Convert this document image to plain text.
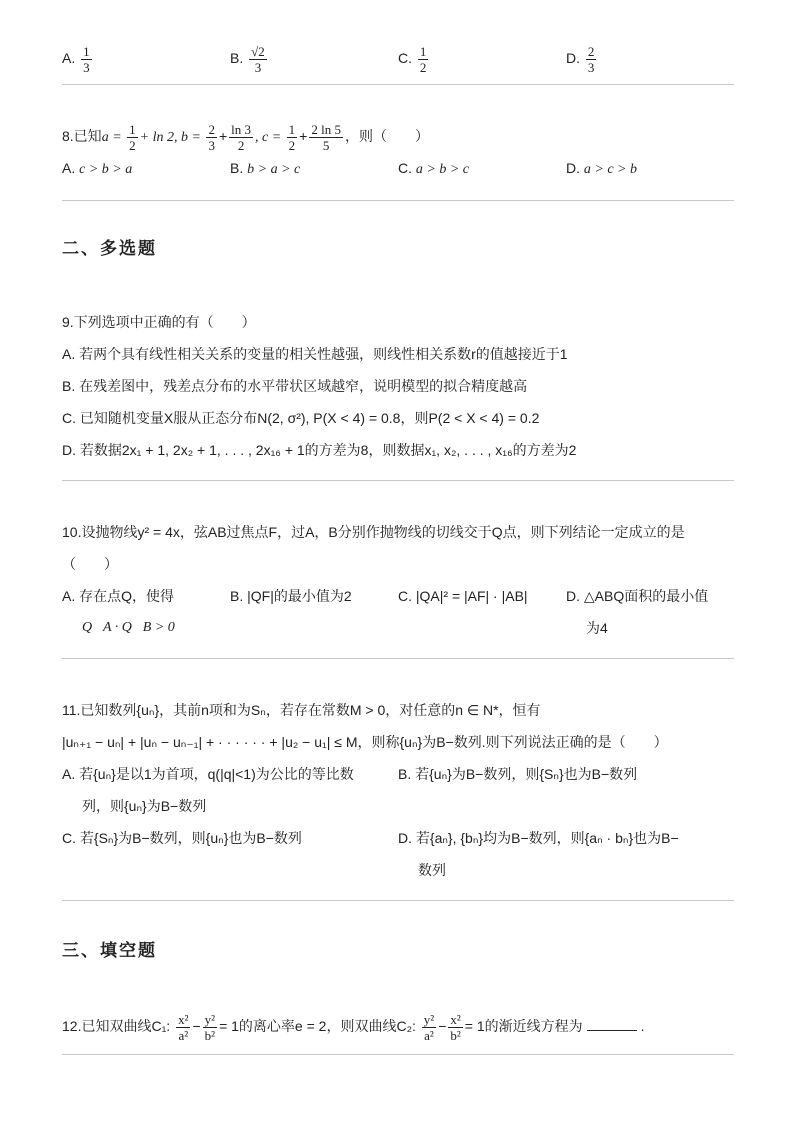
A. $\frac{1}{3}$	B. $\frac{√2}{3}$	C. $\frac{1}{2}$	D. $\frac{2}{3}$
8.已知$a = \frac{1}{2} + \ln 2$, $b = \frac{2}{3} + \frac{\ln 3}{2}$ , $c = \frac{1}{2} + \frac{2 \ln 5}{5}$ ，则（　　）
A. c > b > a	B. b > a > c	C. a > b > c	D. a > c > b
二、多选题
9.下列选项中正确的有（　　）
A. 若两个具有线性相关关系的变量的相关性越强，则线性相关系数r的值越接近于1
B. 在残差图中，残差点分布的水平带状区域越窄，说明模型的拟合精度越高
C. 已知随机变量X服从正态分布N(2, σ²), P(X < 4) = 0.8，则P(2 < X < 4) = 0.2
D. 若数据2x₁ + 1, 2x₂ + 1, . . . , 2x₁₆ + 1的方差为8，则数据x₁, x₂, . . . , x₁₆的方差为2
10.设抛物线y² = 4x，弦AB过焦点F，过A，B分别作抛物线的切线交于Q点，则下列结论一定成立的是
（　　）
A. 存在点Q，使得
Q⃗A · Q⃗B > 0
B. |QF|的最小值为2	C. |QA|² = |AF| · |AB|	D. △ABQ面积的最小值
为4
11.已知数列{uₙ}，其前n项和为Sₙ，若存在常数M > 0，对任意的n ∈ N*，恒有
|uₙ₊₁ − uₙ| + |uₙ − uₙ₋₁| + · · · · · · + |u₂ − u₁| ≤ M，则称{uₙ}为B−数列.则下列说法正确的是（　　）
A. 若{uₙ}是以1为首项，q(|q|<1)为公比的等比数
列，则{uₙ}为B−数列
B. 若{uₙ}为B−数列，则{Sₙ}也为B−数列
C. 若{Sₙ}为B−数列，则{uₙ}也为B−数列	D. 若{aₙ}, {bₙ}均为B−数列，则{aₙ · bₙ}也为B−
数列
三、填空题
12.已知双曲线C₁: $\frac{\text{x²}}{\text{a²}} - \frac{\text{y²}}{\text{b²}} = 1$的离心率e = 2，则双曲线C₂: $\frac{\text{y²}}{\text{a²}} - \frac{\text{x²}}{\text{b²}} = 1$的渐近线方程为	.
